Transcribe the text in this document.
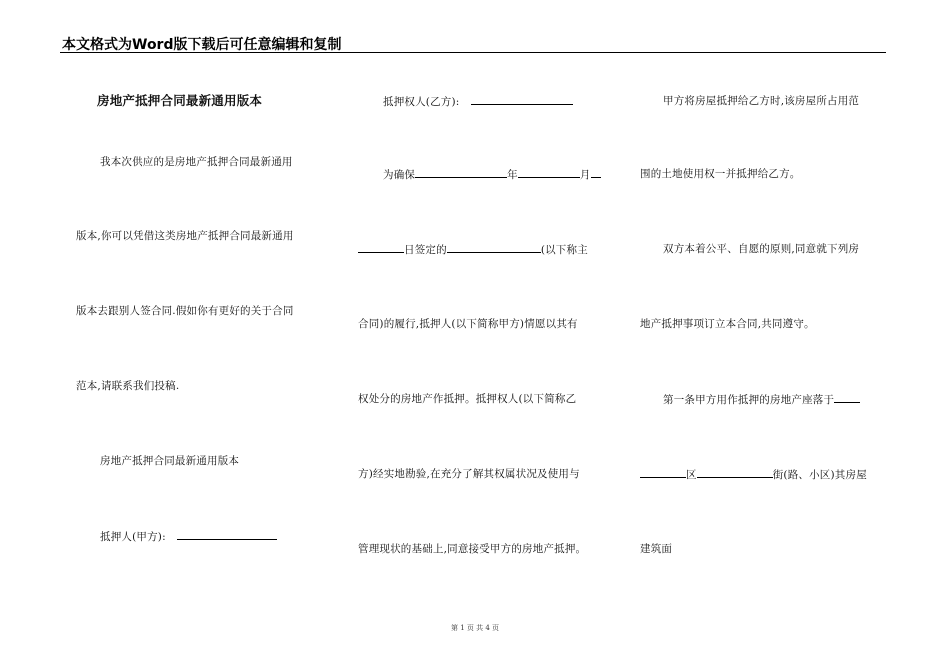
本文格式为Word版下载后可任意编辑和复制
房地产抵押合同最新通用版本
我本次供应的是房地产抵押合同最新通用
版本,你可以凭借这类房地产抵押合同最新通用
版本去跟别人签合同.假如你有更好的关于合同
范本,请联系我们投稿.
房地产抵押合同最新通用版本
抵押人(甲方):
抵押权人(乙方):
为确保	年	月
日签定的	(以下称主
合同)的履行,抵押人(以下简称甲方)情愿以其有
权处分的房地产作抵押。抵押权人(以下简称乙
方)经实地勘验,在充分了解其权属状况及使用与
管理现状的基础上,同意接受甲方的房地产抵押。
甲方将房屋抵押给乙方时,该房屋所占用范
围的土地使用权一并抵押给乙方。
双方本着公平、自愿的原则,同意就下列房
地产抵押事项订立本合同,共同遵守。
第一条甲方用作抵押的房地产座落于
区	街(路、小区)其房屋
建筑面
第 1 页 共 4 页
